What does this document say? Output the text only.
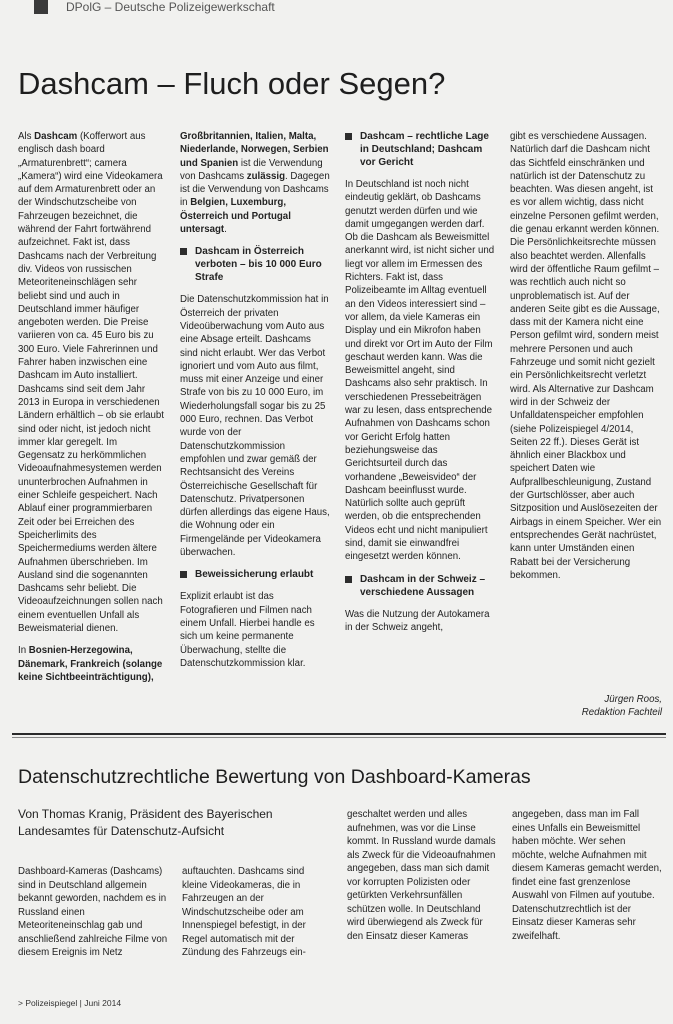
DPolG – Deutsche Polizeigewerkschaft
Dashcam – Fluch oder Segen?

Als Dashcam (Kofferwort aus englisch dash board „Armaturenbrett“; camera „Kamera“) wird eine Videokamera auf dem Armaturenbrett oder an der Windschutzscheibe von Fahrzeugen bezeichnet, die während der Fahrt fortwährend aufzeichnet. Fakt ist, dass Dashcams nach der Verbreitung div. Videos von russischen Meteoriteneinschlägen sehr beliebt sind und auch in Deutschland immer häufiger angeboten werden. Die Preise variieren von ca. 45 Euro bis zu 300 Euro. Viele Fahrerinnen und Fahrer haben inzwischen eine Dashcam im Auto installiert. Dashcams sind seit dem Jahr 2013 in Europa in verschiedenen Ländern erhältlich – ob sie erlaubt sind oder nicht, ist jedoch nicht immer klar geregelt. Im Gegensatz zu herkömmlichen Videoaufnahmesystemen werden ununterbrochen Aufnahmen in einer Schleife gespeichert. Nach Ablauf einer programmierbaren Zeit oder bei Erreichen des Speicherlimits des Speichermediums werden ältere Aufnahmen überschrieben. Im Ausland sind die sogenannten Dashcams sehr beliebt. Die Videoaufzeichnungen sollen nach einem eventuellen Unfall als Beweismaterial dienen.

In Bosnien-Herzegowina, Dänemark, Frankreich (solange keine Sichtbeeinträchtigung),

Großbritannien, Italien, Malta, Niederlande, Norwegen, Serbien und Spanien ist die Verwendung von Dashcams zulässig. Dagegen ist die Verwendung von Dashcams in Belgien, Luxemburg, Österreich und Portugal untersagt.

Dashcam in Österreich verboten – bis 10 000 Euro Strafe

Die Datenschutzkommission hat in Österreich der privaten Videoüberwachung vom Auto aus eine Absage erteilt. Dashcams sind nicht erlaubt. Wer das Verbot ignoriert und vom Auto aus filmt, muss mit einer Anzeige und einer Strafe von bis zu 10 000 Euro, im Wiederholungsfall sogar bis zu 25 000 Euro, rechnen. Das Verbot wurde von der Datenschutzkommission empfohlen und zwar gemäß der Rechtsansicht des Vereins Österreichische Gesellschaft für Datenschutz. Privatpersonen dürfen allerdings das eigene Haus, die Wohnung oder ein Firmengelände per Videokamera überwachen.

Beweissicherung erlaubt

Explizit erlaubt ist das Fotografieren und Filmen nach einem Unfall. Hierbei handle es sich um keine permanente Überwachung, stellte die Datenschutzkommission klar.

Dashcam – rechtliche Lage in Deutschland; Dashcam vor Gericht

In Deutschland ist noch nicht eindeutig geklärt, ob Dashcams genutzt werden dürfen und wie damit umgegangen werden darf. Ob die Dashcam als Beweismittel anerkannt wird, ist nicht sicher und liegt vor allem im Ermessen des Richters. Fakt ist, dass Polizeibeamte im Alltag eventuell an den Videos interessiert sind – vor allem, da viele Kameras ein Display und ein Mikrofon haben und direkt vor Ort im Auto der Film geschaut werden kann. Was die Beweismittel angeht, sind Dashcams also sehr praktisch. In verschiedenen Pressebeiträgen war zu lesen, dass entsprechende Aufnahmen von Dashcams schon vor Gericht Erfolg hatten beziehungsweise das Gerichtsurteil durch das vorhandene „Beweisvideo“ der Dashcam beeinflusst wurde. Natürlich sollte auch geprüft werden, ob die entsprechenden Videos echt und nicht manipuliert sind, damit sie einwandfrei eingesetzt werden können.

Dashcam in der Schweiz – verschiedene Aussagen

Was die Nutzung der Autokamera in der Schweiz angeht,

gibt es verschiedene Aussagen. Natürlich darf die Dashcam nicht das Sichtfeld einschränken und natürlich ist der Datenschutz zu beachten. Was diesen angeht, ist es vor allem wichtig, dass nicht einzelne Personen gefilmt werden, die genau erkannt werden können. Die Persönlichkeitsrechte müssen also beachtet werden. Allenfalls wird der öffentliche Raum gefilmt – was rechtlich auch nicht so unproblematisch ist. Auf der anderen Seite gibt es die Aussage, dass mit der Kamera nicht eine Person gefilmt wird, sondern meist mehrere Personen und auch Fahrzeuge und somit nicht gezielt ein Persönlichkeitsrecht verletzt wird. Als Alternative zur Dashcam wird in der Schweiz der Unfalldatenspeicher empfohlen (siehe Polizeispiegel 4/2014, Seiten 22 ff.). Dieses Gerät ist ähnlich einer Blackbox und speichert Daten wie Aufprallbeschleunigung, Zustand der Gurtschlösser, aber auch Sitzposition und Auslösezeiten der Airbags in einem Speicher. Wer ein entsprechendes Gerät nachrüstet, kann unter Umständen einen Rabatt bei der Versicherung bekommen.

Jürgen Roos,
Redaktion Fachteil
Datenschutzrechtliche Bewertung von Dashboard-Kameras
Von Thomas Kranig, Präsident des Bayerischen Landesamtes für Datenschutz-Aufsicht
Dashboard-Kameras (Dashcams) sind in Deutschland allgemein bekannt geworden, nachdem es in Russland einen Meteoriteneinschlag gab und anschließend zahlreiche Filme von diesem Ereignis im Netz
auftauchten. Dashcams sind kleine Videokameras, die in Fahrzeugen an der Windschutzscheibe oder am Innenspiegel befestigt, in der Regel automatisch mit der Zündung des Fahrzeugs ein-
geschaltet werden und alles aufnehmen, was vor die Linse kommt. In Russland wurde damals als Zweck für die Videoaufnahmen angegeben, dass man sich damit vor korrupten Polizisten oder getürkten Verkehrsunfällen schützen wolle. In Deutschland wird überwiegend als Zweck für den Einsatz dieser Kameras
angegeben, dass man im Fall eines Unfalls ein Beweismittel haben möchte. Wer sehen möchte, welche Aufnahmen mit diesem Kameras gemacht werden, findet eine fast grenzenlose Auswahl von Filmen auf youtube. Datenschutzrechtlich ist der Einsatz dieser Kameras sehr zweifelhaft.
> Polizeispiegel | Juni 2014
